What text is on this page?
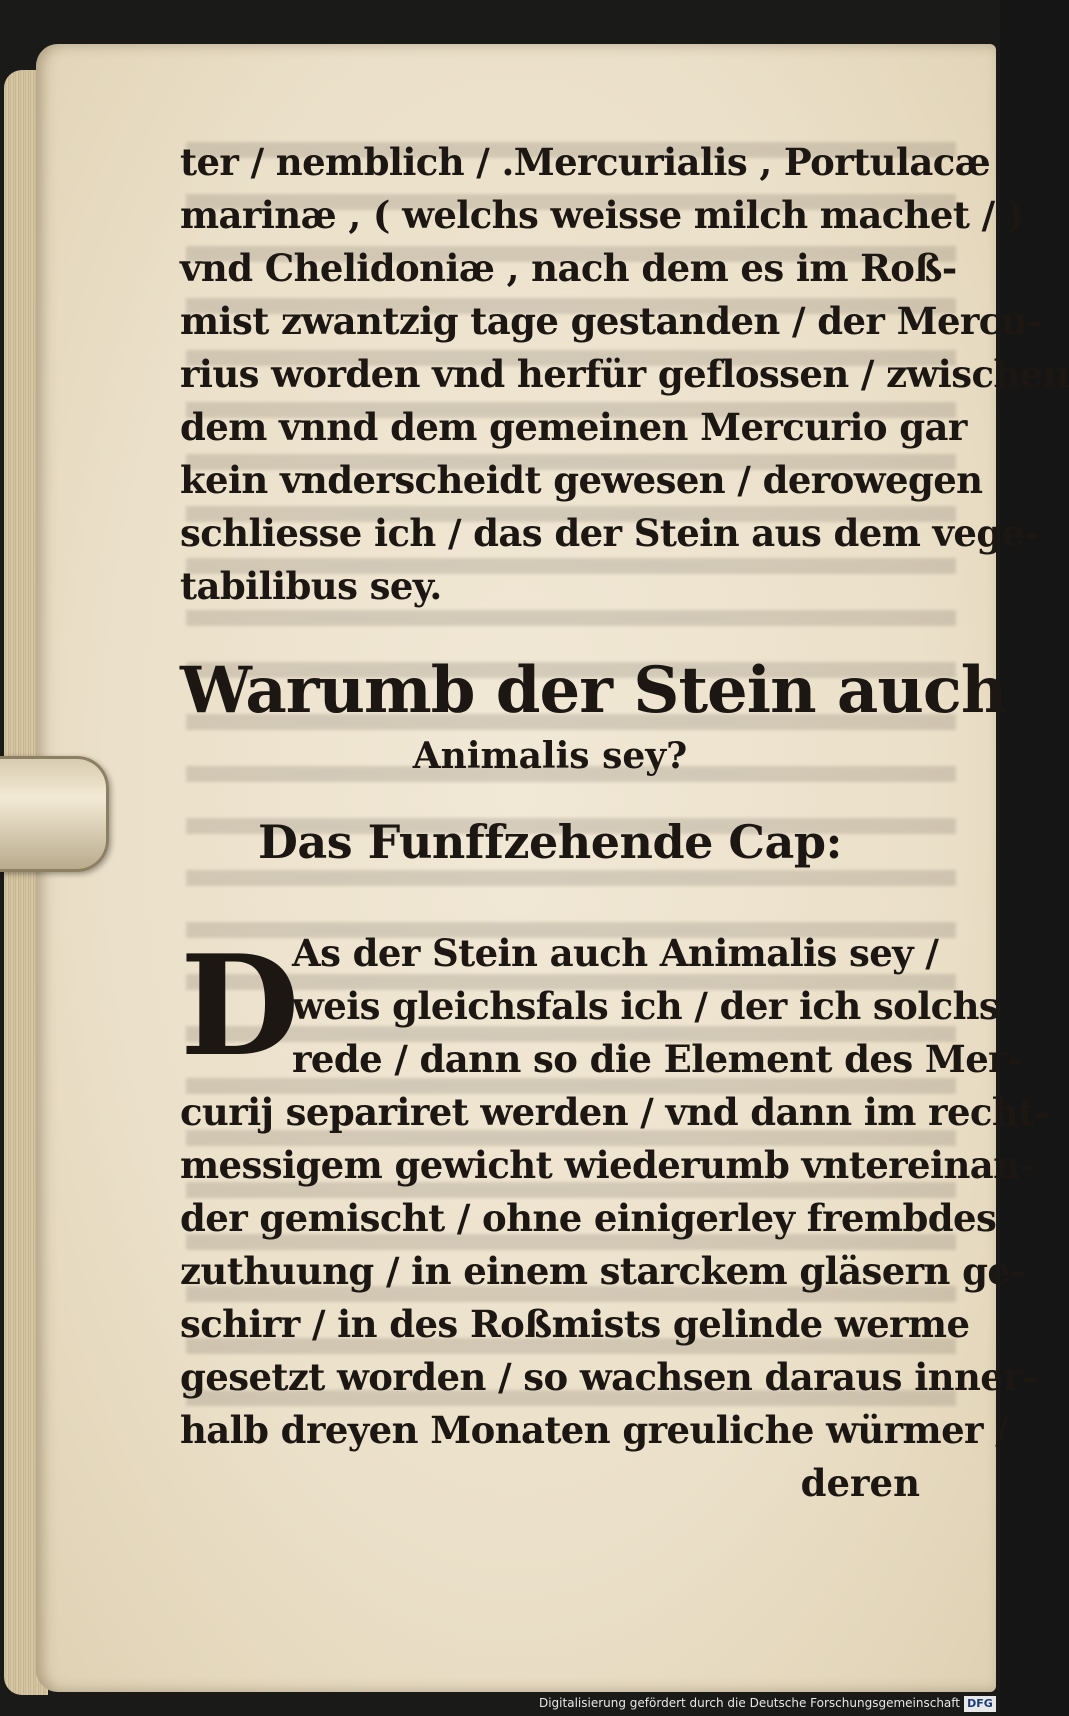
ter / nemblich / .Mercurialis , Portulacæ
marinæ , ( welchs weisse milch machet / )
vnd Chelidoniæ , nach dem es im Roß-
mist zwantzig tage gestanden / der Mercu-
rius worden vnd herfür geflossen / zwischen
dem vnnd dem gemeinen Mercurio gar
kein vnderscheidt gewesen / derowegen
schliesse ich / das der Stein aus dem vege-
tabilibus sey.
Warumb der Stein auch
Animalis sey?
Das Funffzehende Cap:
D
As der Stein auch Animalis sey /
weis gleichsfals ich / der ich solchs
rede / dann so die Element des Mer-
curij separiret werden / vnd dann im recht-
messigem gewicht wiederumb vntereinan-
der gemischt / ohne einigerley frembdes
zuthuung / in einem starckem gläsern ge-
schirr / in des Roßmists gelinde werme
gesetzt worden / so wachsen daraus inner-
halb dreyen Monaten greuliche würmer /
deren
Digitalisierung gefördert durch die Deutsche Forschungsgemeinschaft DFG
